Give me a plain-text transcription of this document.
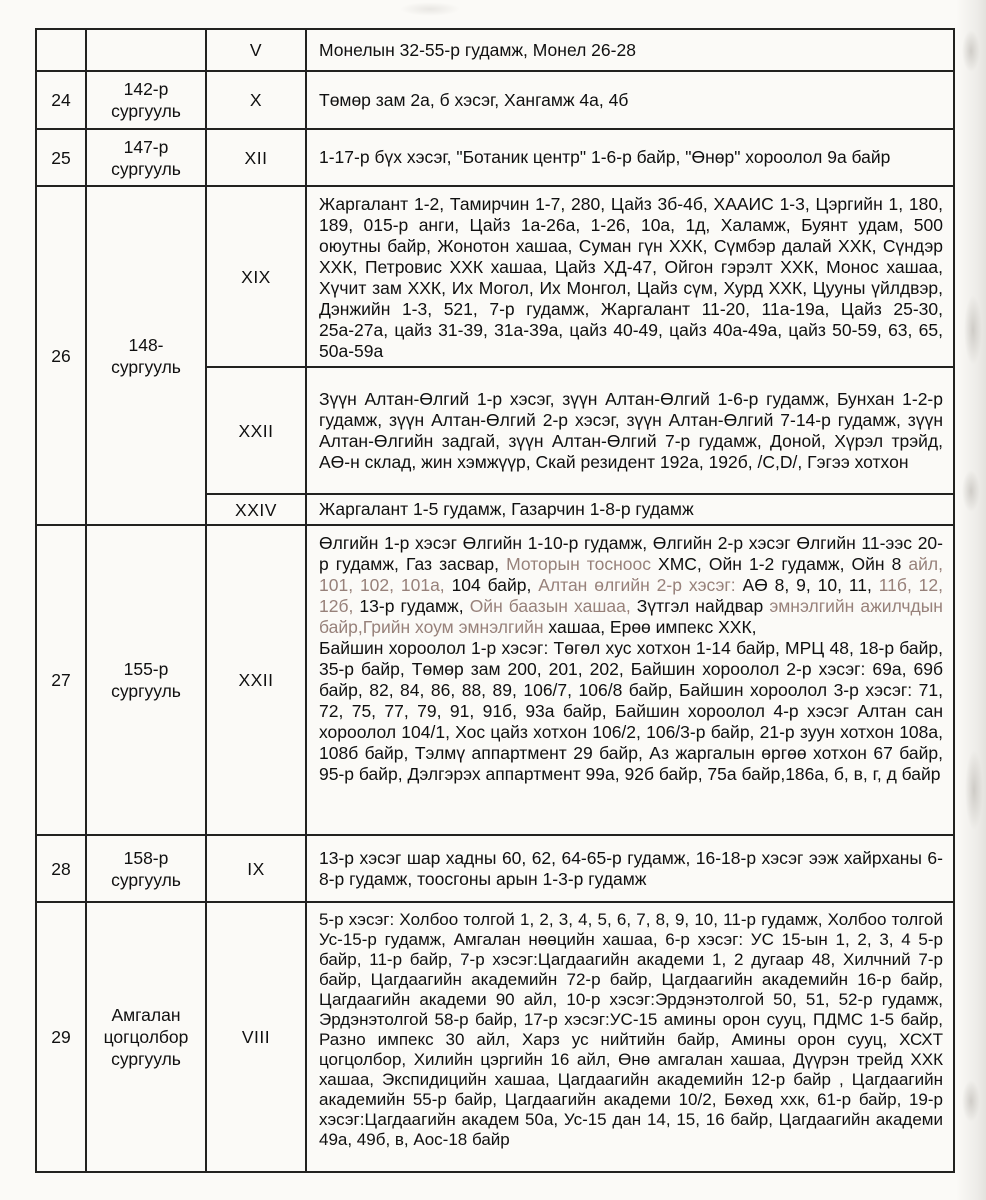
		V	Монелын 32-55-р гудамж, Монел 26-28
24	142-р сургууль	X	Төмөр зам 2а, б хэсэг, Хангамж 4а, 4б
25	147-р сургууль	XII	1-17-р бүх хэсэг, "Ботаник центр" 1-6-р байр, "Өнөр" хороолол 9а байр
26	148-сургууль	XIX	Жаргалант 1-2, Тамирчин 1-7, 280, Цайз 3б-4б, ХААИС 1-3, Цэргийн 1, 180, 189, 015-р анги, Цайз 1а-26а, 1-26, 10а, 1д, Халамж, Буянт удам, 500 оюутны байр, Жонотон хашаа, Суман гүн ХХК, Сүмбэр далай ХХК, Сүндэр ХХК, Петровис ХХК хашаа, Цайз ХД-47, Ойгон гэрэлт ХХК, Монос хашаа, Хүчит зам ХХК, Их Могол, Их Монгол, Цайз сүм, Хурд ХХК, Цууны үйлдвэр, Дэнжийн 1-3, 521, 7-р гудамж, Жаргалант 11-20, 11а-19а, Цайз 25-30, 25а-27а, цайз 31-39, 31а-39а, цайз 40-49, цайз 40а-49а, цайз 50-59, 63, 65, 50а-59а
		XXII	Зүүн Алтан-Өлгий 1-р хэсэг, зүүн Алтан-Өлгий 1-6-р гудамж, Бунхан 1-2-р гудамж, зүүн Алтан-Өлгий 2-р хэсэг, зүүн Алтан-Өлгий 7-14-р гудамж, зүүн Алтан-Өлгийн задгай, зүүн Алтан-Өлгий 7-р гудамж, Доной, Хүрэл трэйд, АӨ-н склад, жин хэмжүүр, Скай резидент 192а, 192б, /C,D/, Гэгээ хотхон
		XXIV	Жаргалант 1-5 гудамж, Газарчин 1-8-р гудамж
27	155-р сургууль	XXII	Өлгийн 1-р хэсэг Өлгийн 1-10-р гудамж, Өлгийн 2-р хэсэг Өлгийн 11-ээс 20-р гудамж, Газ засвар, Моторын тосноос ХМС, Ойн 1-2 гудамж, Ойн 8 айл, 101, 102, 101а, 104 байр, Алтан өлгийн 2-р хэсэг: АӨ 8, 9, 10, 11, 11б, 12, 12б, 13-р гудамж, Ойн баазын хашаа, Зүтгэл найдвар эмнэлгийн ажилчдын байр,Грийн хоум эмнэлгийн хашаа, Ерөө импекс ХХК,
Байшин хороолол 1-р хэсэг: Төгөл хус хотхон 1-14 байр, МРЦ 48, 18-р байр, 35-р байр, Төмөр зам 200, 201, 202, Байшин хороолол 2-р хэсэг: 69а, 69б байр, 82, 84, 86, 88, 89, 106/7, 106/8 байр, Байшин хороолол 3-р хэсэг: 71, 72, 75, 77, 79, 91, 91б, 93а байр, Байшин хороолол 4-р хэсэг Алтан сан хороолол 104/1, Хос цайз хотхон 106/2, 106/3-р байр, 21-р зуун хотхон 108а, 108б байр, Тэлмү аппартмент 29 байр, Аз жаргалын өргөө хотхон 67 байр, 95-р байр, Дэлгэрэх аппартмент 99а, 92б байр, 75а байр,186а, б, в, г, д байр

28	158-р сургууль	IX	13-р хэсэг шар хадны 60, 62, 64-65-р гудамж, 16-18-р хэсэг ээж хайрханы 6-8-р гудамж, тоосгоны арын 1-3-р гудамж
29	Амгалан цогцолбор сургууль	VIII	5-р хэсэг: Холбоо толгой 1, 2, 3, 4, 5, 6, 7, 8, 9, 10, 11-р гудамж, Холбоо толгой Ус-15-р гудамж, Амгалан нөөцийн хашаа, 6-р хэсэг: УС 15-ын 1, 2, 3, 4 5-р байр, 11-р байр, 7-р хэсэг:Цагдаагийн академи 1, 2 дугаар 48, Хилчний 7-р байр, Цагдаагийн академийн 72-р байр, Цагдаагийн академийн 16-р байр, Цагдаагийн академи 90 айл, 10-р хэсэг:Эрдэнэтолгой 50, 51, 52-р гудамж, Эрдэнэтолгой 58-р байр, 17-р хэсэг:УС-15 амины орон сууц, ПДМС 1-5 байр, Разно импекс 30 айл, Харз ус нийтийн байр, Амины орон сууц, ХСХТ цогцолбор, Хилийн цэргийн 16 айл, Өнө амгалан хашаа, Дүүрэн трейд ХХК хашаа, Экспидицийн хашаа, Цагдаагийн академийн 12-р байр , Цагдаагийн академийн 55-р байр, Цагдаагийн академи 10/2, Бөхөд ххк, 61-р байр, 19-р хэсэг:Цагдаагийн академ 50а, Ус-15 дан 14, 15, 16 байр, Цагдаагийн академи 49а, 49б, в, Аос-18 байр
